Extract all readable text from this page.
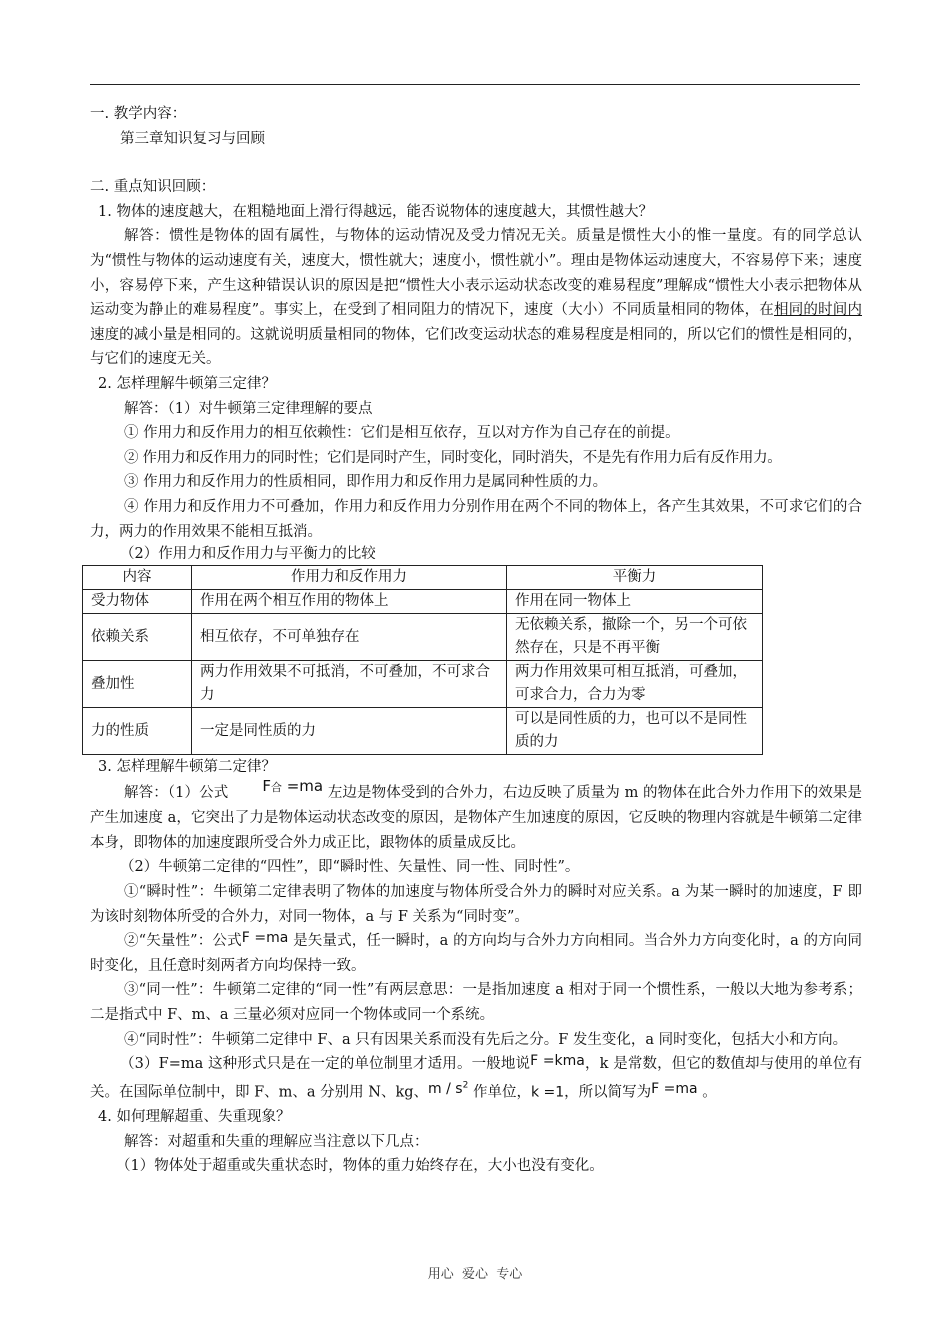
一. 教学内容：

第三章知识复习与回顾

二. 重点知识回顾：

1. 物体的速度越大，在粗糙地面上滑行得越远，能否说物体的速度越大，其惯性越大？

解答：惯性是物体的固有属性，与物体的运动情况及受力情况无关。质量是惯性大小的惟一量度。有的同学总认为“惯性与物体的运动速度有关，速度大，惯性就大；速度小，惯性就小”。理由是物体运动速度大，不容易停下来；速度小，容易停下来，产生这种错误认识的原因是把“惯性大小表示运动状态改变的难易程度”理解成“惯性大小表示把物体从运动变为静止的难易程度”。事实上，在受到了相同阻力的情况下，速度（大小）不同质量相同的物体，在相同的时间内速度的减小量是相同的。这就说明质量相同的物体，它们改变运动状态的难易程度是相同的，所以它们的惯性是相同的，与它们的速度无关。

2. 怎样理解牛顿第三定律？

解答：（1）对牛顿第三定律理解的要点

① 作用力和反作用力的相互依赖性：它们是相互依存，互以对方作为自己存在的前提。

② 作用力和反作用力的同时性；它们是同时产生，同时变化，同时消失，不是先有作用力后有反作用力。

③ 作用力和反作用力的性质相同，即作用力和反作用力是属同种性质的力。

④ 作用力和反作用力不可叠加，作用力和反作用力分别作用在两个不同的物体上，各产生其效果，不可求它们的合力，两力的作用效果不能相互抵消。

（2）作用力和反作用力与平衡力的比较

内容	作用力和反作用力	平衡力
受力物体	作用在两个相互作用的物体上	作用在同一物体上
依赖关系	相互依存，不可单独存在	无依赖关系，撤除一个，另一个可依然存在，只是不再平衡
叠加性	两力作用效果不可抵消，不可叠加，不可求合力	两力作用效果可相互抵消，可叠加，可求合力，合力为零
力的性质	一定是同性质的力	可以是同性质的力，也可以不是同性质的力

3. 怎样理解牛顿第二定律？

解答：（1）公式 F合 =ma 左边是物体受到的合外力，右边反映了质量为 m 的物体在此合外力作用下的效果是产生加速度 a，它突出了力是物体运动状态改变的原因，是物体产生加速度的原因，它反映的物理内容就是牛顿第二定律本身，即物体的加速度跟所受合外力成正比，跟物体的质量成反比。

（2）牛顿第二定律的“四性”，即“瞬时性、矢量性、同一性、同时性”。

①“瞬时性”：牛顿第二定律表明了物体的加速度与物体所受合外力的瞬时对应关系。a 为某一瞬时的加速度，F 即为该时刻物体所受的合外力，对同一物体，a 与 F 关系为“同时变”。

②“矢量性”：公式F =ma 是矢量式，任一瞬时，a 的方向均与合外力方向相同。当合外力方向变化时，a 的方向同时变化，且任意时刻两者方向均保持一致。

③“同一性”：牛顿第二定律的“同一性”有两层意思：一是指加速度 a 相对于同一个惯性系，一般以大地为参考系；二是指式中 F、m、a 三量必须对应同一个物体或同一个系统。

④“同时性”：牛顿第二定律中 F、a 只有因果关系而没有先后之分。F 发生变化，a 同时变化，包括大小和方向。

（3）F=ma 这种形式只是在一定的单位制里才适用。一般地说F =kma，k 是常数，但它的数值却与使用的单位有关。在国际单位制中，即 F、m、a 分别用 N、kg、m / $s^2$ 作单位，k =1，所以简写为F =ma 。

4. 如何理解超重、失重现象？

解答：对超重和失重的理解应当注意以下几点：

（1）物体处于超重或失重状态时，物体的重力始终存在，大小也没有变化。

用心  爱心  专心
